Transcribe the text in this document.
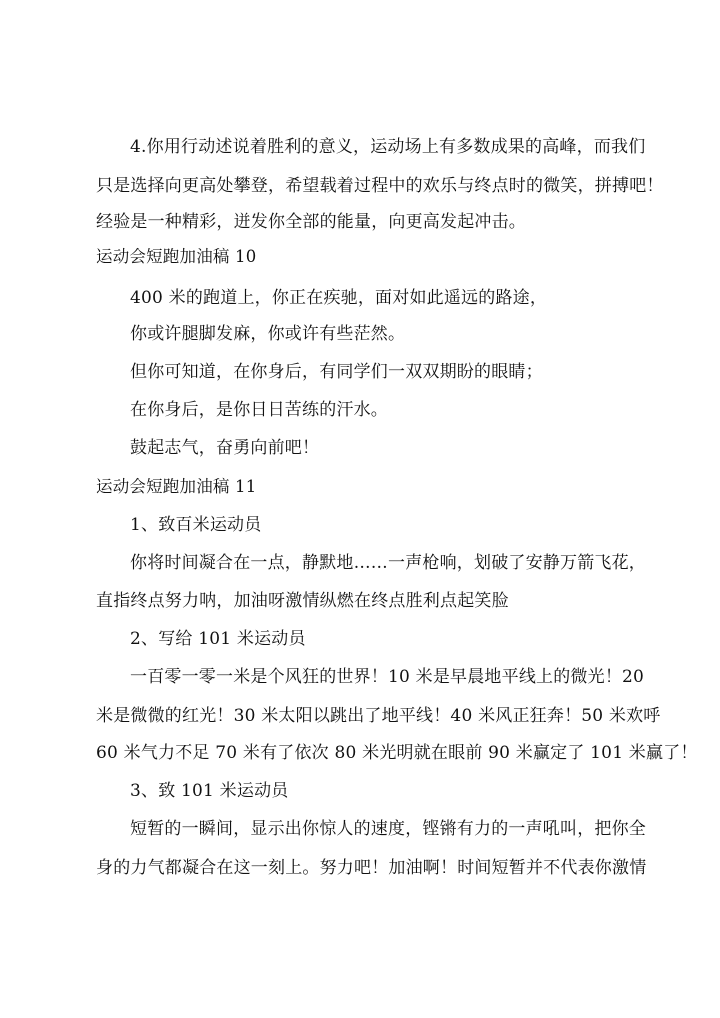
4.你用行动述说着胜利的意义，运动场上有多数成果的高峰，而我们
只是选择向更高处攀登，希望载着过程中的欢乐与终点时的微笑，拼搏吧！
经验是一种精彩，迸发你全部的能量，向更高发起冲击。
运动会短跑加油稿 10
400 米的跑道上，你正在疾驰，面对如此遥远的路途，
你或许腿脚发麻，你或许有些茫然。
但你可知道，在你身后，有同学们一双双期盼的眼睛；
在你身后，是你日日苦练的汗水。
鼓起志气，奋勇向前吧！
运动会短跑加油稿 11
1、致百米运动员
你将时间凝合在一点，静默地……一声枪响，划破了安静万箭飞花，
直指终点努力呐，加油呀激情纵燃在终点胜利点起笑脸
2、写给 101 米运动员
一百零一零一米是个风狂的世界！10 米是早晨地平线上的微光！20
米是微微的红光！30 米太阳以跳出了地平线！40 米风正狂奔！50 米欢呼
60 米气力不足 70 米有了依次 80 米光明就在眼前 90 米赢定了 101 米赢了！
3、致 101 米运动员
短暂的一瞬间，显示出你惊人的速度，铿锵有力的一声吼叫，把你全
身的力气都凝合在这一刻上。努力吧！加油啊！时间短暂并不代表你激情
